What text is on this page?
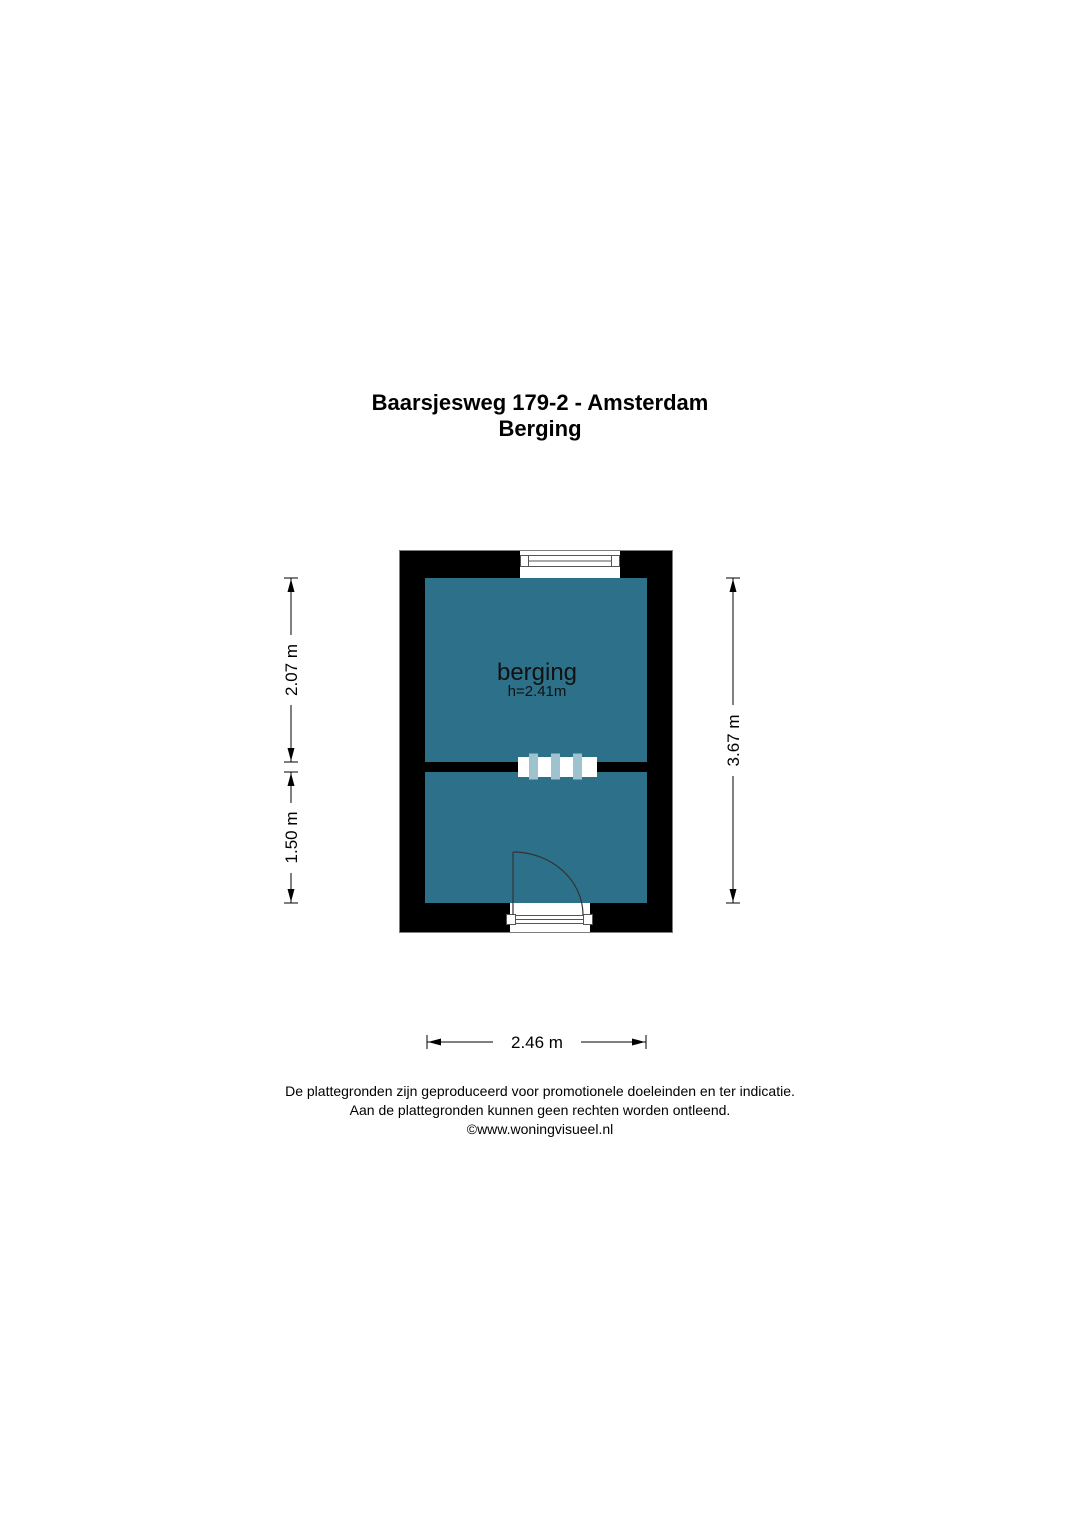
Baarsjesweg 179-2 - Amsterdam
Berging
berging
h=2.41m
2.07 m
1.50 m
3.67 m
2.46 m
De plattegronden zijn geproduceerd voor promotionele doeleinden en ter indicatie.
Aan de plattegronden kunnen geen rechten worden ontleend.
©www.woningvisueel.nl
